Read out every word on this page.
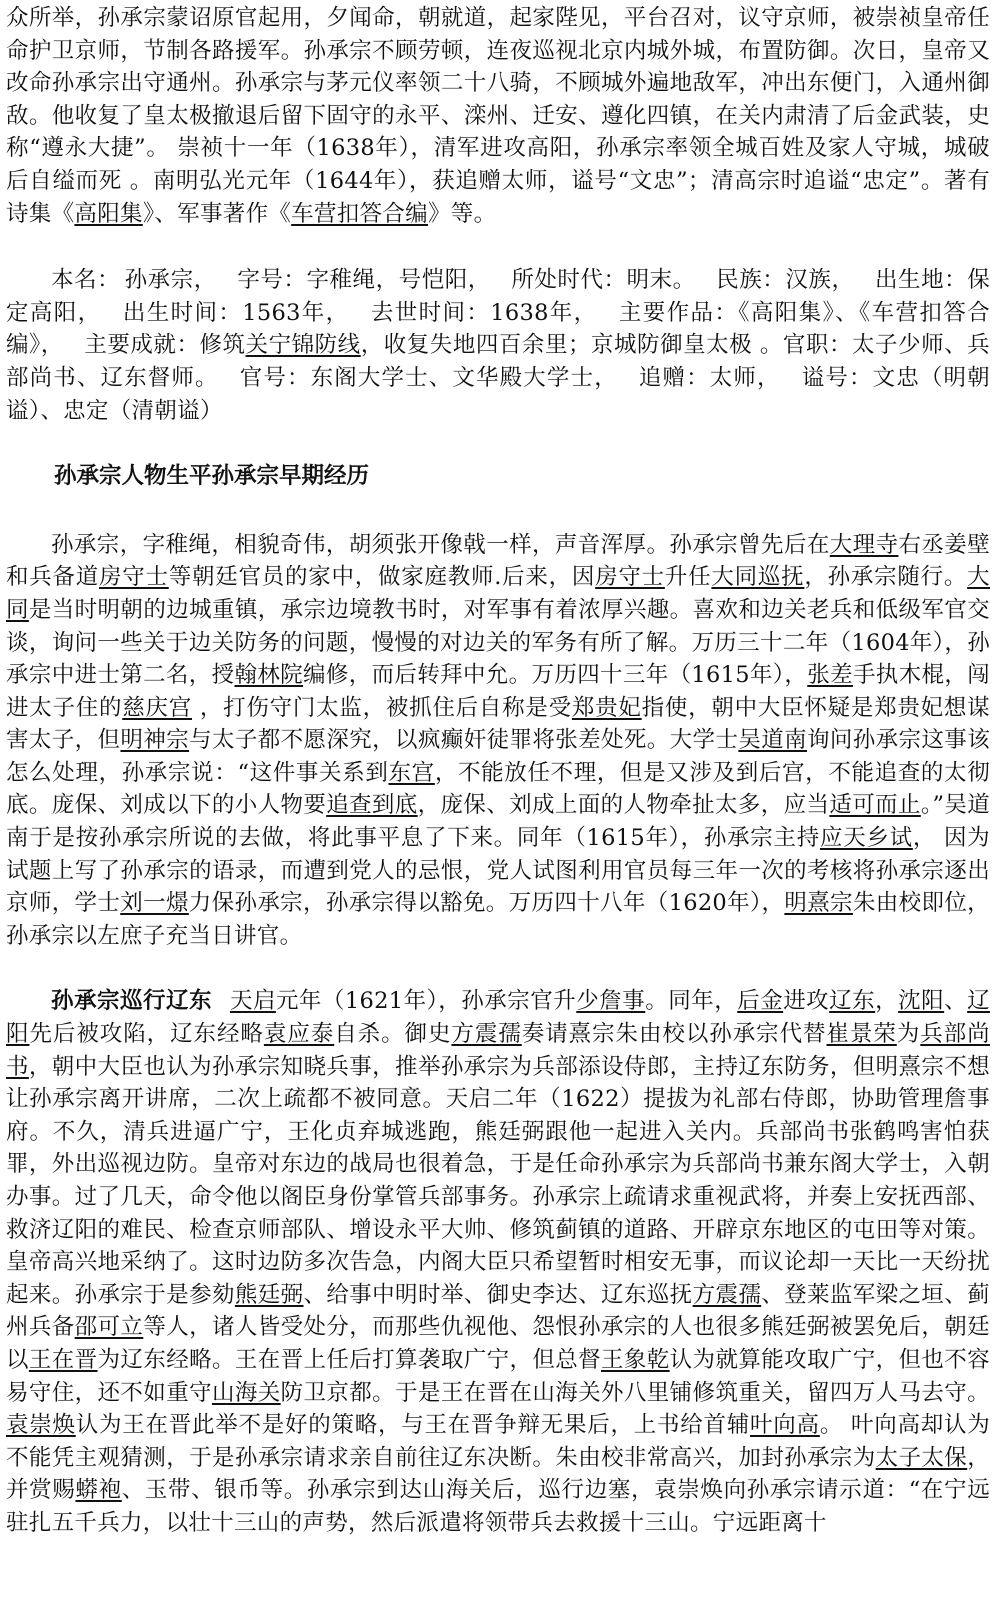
众所举，孙承宗蒙诏原官起用，夕闻命，朝就道，起家陛见，平台召对，议守京师，被崇祯皇帝任命护卫京师，节制各路援军。孙承宗不顾劳顿，连夜巡视北京内城外城，布置防御。次日，皇帝又改命孙承宗出守通州。孙承宗与茅元仪率领二十八骑，不顾城外遍地敌军，冲出东便门，入通州御敌。他收复了皇太极撤退后留下固守的永平、滦州、迁安、遵化四镇，在关内肃清了后金武装，史称“遵永大捷”。 崇祯十一年（1638年），清军进攻高阳，孙承宗率领全城百姓及家人守城，城破后自缢而死 。南明弘光元年（1644年），获追赠太师，谥号“文忠”；清高宗时追谥“忠定”。著有诗集《高阳集》、军事著作《车营扣答合编》等。

本名： 孙承宗， 字号：字稚绳，号恺阳， 所处时代：明末。 民族：汉族， 出生地：保定高阳， 出生时间：1563年， 去世时间：1638年， 主要作品：《高阳集》、《车营扣答合编》， 主要成就：修筑关宁锦防线，收复失地四百余里；京城防御皇太极 。官职：太子少师、兵部尚书、辽东督师。 官号：东阁大学士、文华殿大学士， 追赠：太师， 谥号：文忠（明朝谥）、忠定（清朝谥）

孙承宗人物生平孙承宗早期经历

孙承宗，字稚绳，相貌奇伟，胡须张开像戟一样，声音浑厚。孙承宗曾先后在大理寺右丞姜壁和兵备道房守士等朝廷官员的家中，做家庭教师.后来，因房守士升任大同巡抚，孙承宗随行。大同是当时明朝的边城重镇，承宗边境教书时，对军事有着浓厚兴趣。喜欢和边关老兵和低级军官交谈，询问一些关于边关防务的问题，慢慢的对边关的军务有所了解。万历三十二年（1604年），孙承宗中进士第二名，授翰林院编修，而后转拜中允。万历四十三年（1615年），张差手执木棍，闯进太子住的慈庆宫 ，打伤守门太监，被抓住后自称是受郑贵妃指使，朝中大臣怀疑是郑贵妃想谋害太子，但明神宗与太子都不愿深究，以疯癫奸徒罪将张差处死。大学士吴道南询问孙承宗这事该怎么处理，孙承宗说：“这件事关系到东宫，不能放任不理，但是又涉及到后宫，不能追查的太彻底。庞保、刘成以下的小人物要追查到底，庞保、刘成上面的人物牵扯太多，应当适可而止。”吴道南于是按孙承宗所说的去做，将此事平息了下来。同年（1615年），孙承宗主持应天乡试， 因为试题上写了孙承宗的语录，而遭到党人的忌恨，党人试图利用官员每三年一次的考核将孙承宗逐出京师，学士刘一燝力保孙承宗，孙承宗得以豁免。万历四十八年（1620年），明熹宗朱由校即位，孙承宗以左庶子充当日讲官。

孙承宗巡行辽东 天启元年（1621年），孙承宗官升少詹事。同年，后金进攻辽东，沈阳、辽阳先后被攻陷，辽东经略袁应泰自杀。御史方震孺奏请熹宗朱由校以孙承宗代替崔景荣为兵部尚书，朝中大臣也认为孙承宗知晓兵事，推举孙承宗为兵部添设侍郎，主持辽东防务，但明熹宗不想让孙承宗离开讲席，二次上疏都不被同意。天启二年（1622）提拔为礼部右侍郎，协助管理詹事府。不久，清兵进逼广宁，王化贞弃城逃跑，熊廷弼跟他一起进入关内。兵部尚书张鹤鸣害怕获罪，外出巡视边防。皇帝对东边的战局也很着急，于是任命孙承宗为兵部尚书兼东阁大学士，入朝办事。过了几天，命令他以阁臣身份掌管兵部事务。孙承宗上疏请求重视武将，并奏上安抚西部、救济辽阳的难民、检查京师部队、增设永平大帅、修筑蓟镇的道路、开辟京东地区的屯田等对策。皇帝高兴地采纳了。这时边防多次告急，内阁大臣只希望暂时相安无事，而议论却一天比一天纷扰起来。孙承宗于是参劾熊廷弼、给事中明时举、御史李达、辽东巡抚方震孺、登莱监军梁之垣、蓟州兵备邵可立等人，诸人皆受处分，而那些仇视他、怨恨孙承宗的人也很多熊廷弼被罢免后，朝廷以王在晋为辽东经略。王在晋上任后打算袭取广宁，但总督王象乾认为就算能攻取广宁，但也不容易守住，还不如重守山海关防卫京都。于是王在晋在山海关外八里铺修筑重关，留四万人马去守。袁崇焕认为王在晋此举不是好的策略，与王在晋争辩无果后，上书给首辅叶向高。 叶向高却认为不能凭主观猜测，于是孙承宗请求亲自前往辽东决断。朱由校非常高兴，加封孙承宗为太子太保，并赏赐蟒袍、玉带、银币等。孙承宗到达山海关后，巡行边塞，袁崇焕向孙承宗请示道：“在宁远驻扎五千兵力，以壮十三山的声势，然后派遣将领带兵去救援十三山。宁远距离十
